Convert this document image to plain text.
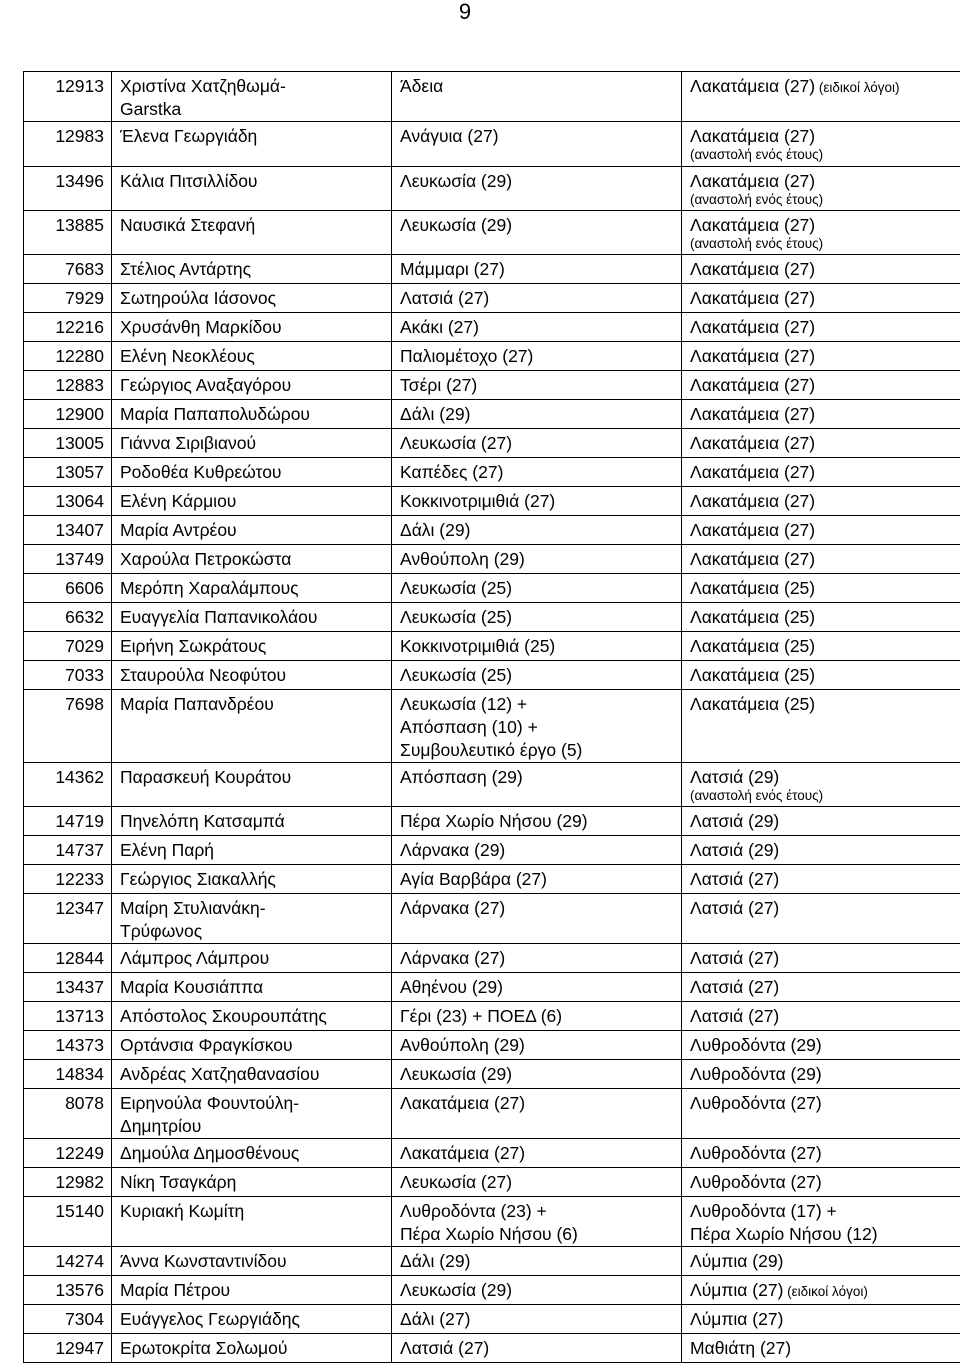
9
12913	Χριστίνα Χατζηθωμά-
Garstka	Άδεια	Λακατάμεια (27) (ειδικοί λόγοι)

12983	Έλενα Γεωργιάδη	Ανάγυια (27)	Λακατάμεια (27)
(αναστολή ενός έτους)

13496	Κάλια Πιτσιλλίδου	Λευκωσία (29)	Λακατάμεια (27)
(αναστολή ενός έτους)

13885	Ναυσικά Στεφανή	Λευκωσία (29)	Λακατάμεια (27)
(αναστολή ενός έτους)

7683	Στέλιος Αντάρτης	Μάμμαρι (27)	Λακατάμεια (27)

7929	Σωτηρούλα Ιάσονος	Λατσιά (27)	Λακατάμεια (27)

12216	Χρυσάνθη Μαρκίδου	Ακάκι (27)	Λακατάμεια (27)

12280	Ελένη Νεοκλέους	Παλιομέτοχο (27)	Λακατάμεια (27)

12883	Γεώργιος Αναξαγόρου	Τσέρι (27)	Λακατάμεια (27)

12900	Μαρία Παπαπολυδώρου	Δάλι (29)	Λακατάμεια (27)

13005	Γιάννα Σιριβιανού	Λευκωσία (27)	Λακατάμεια (27)

13057	Ροδοθέα Κυθρεώτου	Καπέδες (27)	Λακατάμεια (27)

13064	Ελένη Κάρμιου	Κοκκινοτριμιθιά (27)	Λακατάμεια (27)

13407	Μαρία Αντρέου	Δάλι (29)	Λακατάμεια (27)

13749	Χαρούλα Πετροκώστα	Ανθούπολη (29)	Λακατάμεια (27)

6606	Μερόπη Χαραλάμπους	Λευκωσία (25)	Λακατάμεια (25)

6632	Ευαγγελία Παπανικολάου	Λευκωσία (25)	Λακατάμεια (25)

7029	Ειρήνη Σωκράτους	Κοκκινοτριμιθιά (25)	Λακατάμεια (25)

7033	Σταυρούλα Νεοφύτου	Λευκωσία (25)	Λακατάμεια (25)

7698	Μαρία Παπανδρέου	Λευκωσία (12) +
Απόσπαση (10) +
Συμβουλευτικό έργο (5)	Λακατάμεια (25)

14362	Παρασκευή Κουράτου	Απόσπαση (29)	Λατσιά (29)
(αναστολή ενός έτους)

14719	Πηνελόπη Κατσαμπά	Πέρα Χωρίο Νήσου (29)	Λατσιά (29)

14737	Ελένη Παρή	Λάρνακα (29)	Λατσιά (29)

12233	Γεώργιος Σιακαλλής	Αγία Βαρβάρα (27)	Λατσιά (27)

12347	Μαίρη Στυλιανάκη-
Τρύφωνος	Λάρνακα (27)	Λατσιά (27)

12844	Λάμπρος Λάμπρου	Λάρνακα (27)	Λατσιά (27)

13437	Μαρία Κουσιάππα	Αθηένου (29)	Λατσιά (27)

13713	Απόστολος Σκουρουπάτης	Γέρι (23) + ΠΟΕΔ (6)	Λατσιά (27)

14373	Ορτάνσια Φραγκίσκου	Ανθούπολη (29)	Λυθροδόντα (29)

14834	Ανδρέας Χατζηαθανασίου	Λευκωσία (29)	Λυθροδόντα (29)

8078	Ειρηνούλα Φουντούλη-
Δημητρίου	Λακατάμεια (27)	Λυθροδόντα (27)

12249	Δημούλα Δημοσθένους	Λακατάμεια (27)	Λυθροδόντα (27)

12982	Νίκη Τσαγκάρη	Λευκωσία (27)	Λυθροδόντα (27)

15140	Κυριακή Κωμίτη	Λυθροδόντα (23) +
Πέρα Χωρίο Νήσου (6)	Λυθροδόντα (17) +
Πέρα Χωρίο Νήσου (12)

14274	Άννα Κωνσταντινίδου	Δάλι (29)	Λύμπια (29)

13576	Μαρία Πέτρου	Λευκωσία (29)	Λύμπια (27) (ειδικοί λόγοι)

7304	Ευάγγελος Γεωργιάδης	Δάλι (27)	Λύμπια (27)

12947	Ερωτοκρίτα Σολωμού	Λατσιά (27)	Μαθιάτη (27)
